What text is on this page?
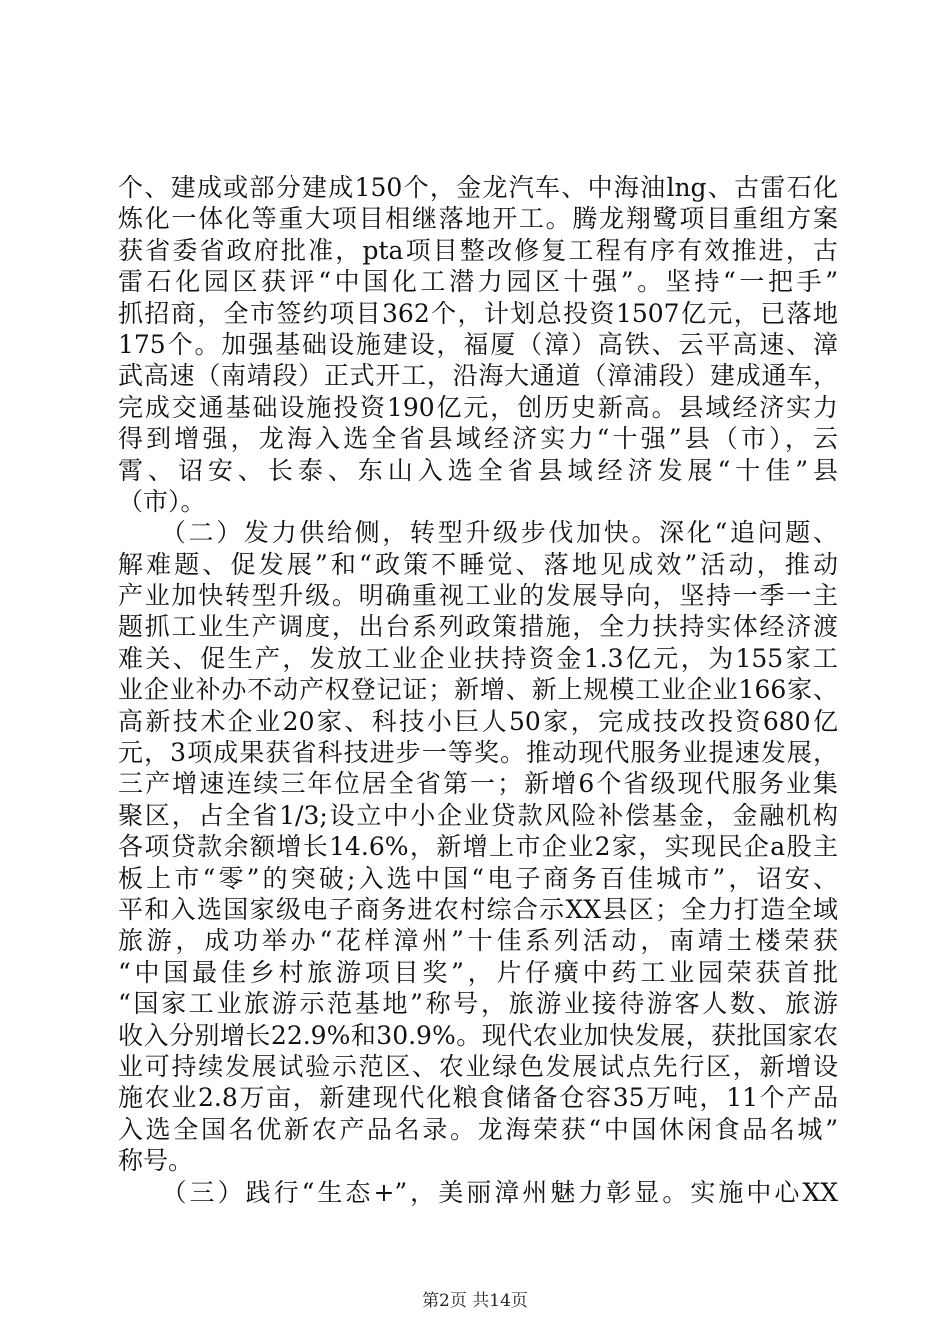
个、建成或部分建成150个，金龙汽车、中海油lng、古雷石化
炼化一体化等重大项目相继落地开工。腾龙翔鹭项目重组方案
获省委省政府批准，pta项目整改修复工程有序有效推进，古
雷石化园区获评“中国化工潜力园区十强”。坚持“一把手”
抓招商，全市签约项目362个，计划总投资1507亿元，已落地
175个。加强基础设施建设，福厦（漳）高铁、云平高速、漳
武高速（南靖段）正式开工，沿海大通道（漳浦段）建成通车，
完成交通基础设施投资190亿元，创历史新高。县域经济实力
得到增强，龙海入选全省县域经济实力“十强”县（市），云
霄、诏安、长泰、东山入选全省县域经济发展“十佳”县
（市）。
　　（二）发力供给侧，转型升级步伐加快。深化“追问题、
解难题、促发展”和“政策不睡觉、落地见成效”活动，推动
产业加快转型升级。明确重视工业的发展导向，坚持一季一主
题抓工业生产调度，出台系列政策措施，全力扶持实体经济渡
难关、促生产，发放工业企业扶持资金1.3亿元，为155家工
业企业补办不动产权登记证；新增、新上规模工业企业166家、
高新技术企业20家、科技小巨人50家，完成技改投资680亿
元，3项成果获省科技进步一等奖。推动现代服务业提速发展，
三产增速连续三年位居全省第一；新增6个省级现代服务业集
聚区，占全省1/3;设立中小企业贷款风险补偿基金，金融机构
各项贷款余额增长14.6%，新增上市企业2家，实现民企a股主
板上市“零”的突破;入选中国“电子商务百佳城市”，诏安、
平和入选国家级电子商务进农村综合示XX县区；全力打造全域
旅游，成功举办“花样漳州”十佳系列活动，南靖土楼荣获
“中国最佳乡村旅游项目奖”，片仔癀中药工业园荣获首批
“国家工业旅游示范基地”称号，旅游业接待游客人数、旅游
收入分别增长22.9%和30.9%。现代农业加快发展，获批国家农
业可持续发展试验示范区、农业绿色发展试点先行区，新增设
施农业2.8万亩，新建现代化粮食储备仓容35万吨，11个产品
入选全国名优新农产品名录。龙海荣获“中国休闲食品名城”
称号。
　　（三）践行“生态+”，美丽漳州魅力彰显。实施中心XX
第2页 共14页
